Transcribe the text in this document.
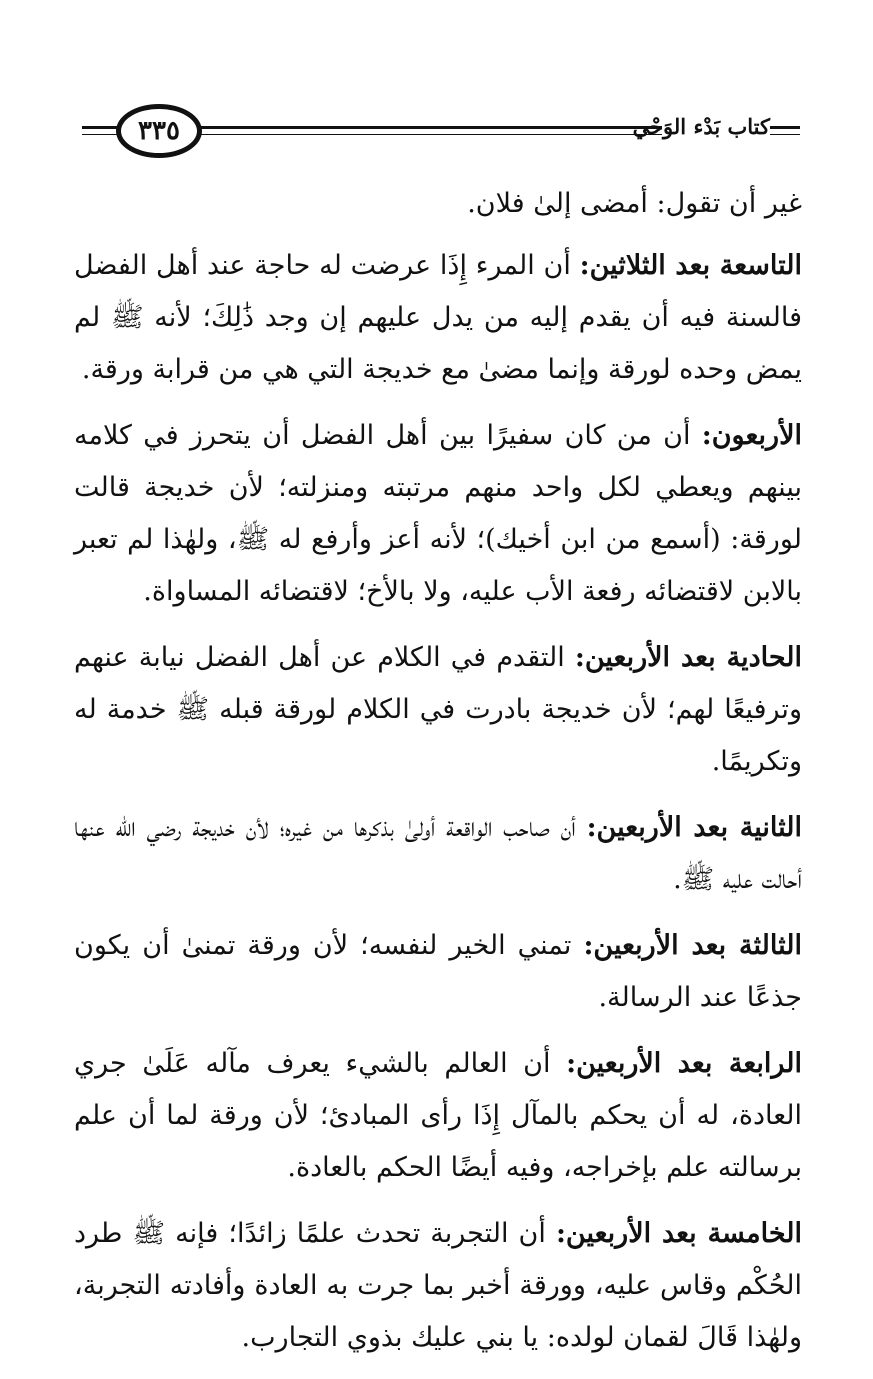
٣٣٥	كتاب بَدْء الوَحْي

غير أن تقول: أمضى إلىٰ فلان.

التاسعة بعد الثلاثين: أن المرء إِذَا عرضت له حاجة عند أهل الفضل فالسنة فيه أن يقدم إليه من يدل عليهم إن وجد ذَٰلِكَ؛ لأنه ﷺ لم يمض وحده لورقة وإنما مضىٰ مع خديجة التي هي من قرابة ورقة.

الأربعون: أن من كان سفيرًا بين أهل الفضل أن يتحرز في كلامه بينهم ويعطي لكل واحد منهم مرتبته ومنزلته؛ لأن خديجة قالت لورقة: (أسمع من ابن أخيك)؛ لأنه أعز وأرفع له ﷺ، ولهٰذا لم تعبر بالابن لاقتضائه رفعة الأب عليه، ولا بالأخ؛ لاقتضائه المساواة.

الحادية بعد الأربعين: التقدم في الكلام عن أهل الفضل نيابة عنهم وترفيعًا لهم؛ لأن خديجة بادرت في الكلام لورقة قبله ﷺ خدمة له وتكريمًا.

الثانية بعد الأربعين: أن صاحب الواقعة أولىٰ بذكرها من غيره؛ لأن خديجة رضي الله عنها أحالت عليه ﷺ.

الثالثة بعد الأربعين: تمني الخير لنفسه؛ لأن ورقة تمنىٰ أن يكون جذعًا عند الرسالة.

الرابعة بعد الأربعين: أن العالم بالشيء يعرف مآله عَلَىٰ جري العادة، له أن يحكم بالمآل إِذَا رأى المبادئ؛ لأن ورقة لما أن علم برسالته علم بإخراجه، وفيه أيضًا الحكم بالعادة.

الخامسة بعد الأربعين: أن التجربة تحدث علمًا زائدًا؛ فإنه ﷺ طرد الحُكْم وقاس عليه، وورقة أخبر بما جرت به العادة وأفادته التجربة، ولهٰذا قَالَ لقمان لولده: يا بني عليك بذوي التجارب.
